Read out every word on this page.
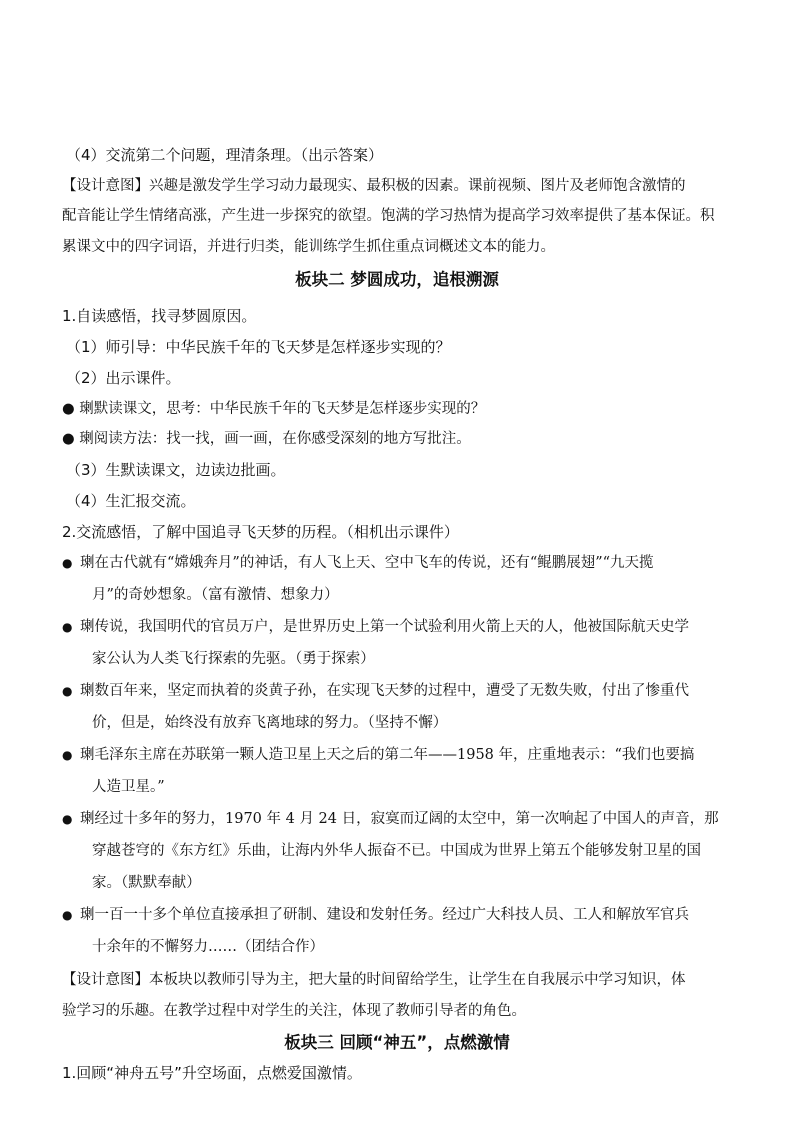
（4）交流第二个问题，理清条理。（出示答案）
【设计意图】兴趣是激发学生学习动力最现实、最积极的因素。课前视频、图片及老师饱含激情的
配音能让学生情绪高涨，产生进一步探究的欲望。饱满的学习热情为提高学习效率提供了基本保证。积
累课文中的四字词语，并进行归类，能训练学生抓住重点词概述文本的能力。
板块二 梦圆成功，追根溯源
1.自读感悟，找寻梦圆原因。
（1）师引导：中华民族千年的飞天梦是怎样逐步实现的？
（2）出示课件。
● 㻝默读课文，思考：中华民族千年的飞天梦是怎样逐步实现的？
● 㻝阅读方法：找一找，画一画，在你感受深刻的地方写批注。
（3）生默读课文，边读边批画。
（4）生汇报交流。
2.交流感悟，了解中国追寻飞天梦的历程。（相机出示课件）
● 㻝在古代就有“嫦娥奔月”的神话，有人飞上天、空中飞车的传说，还有“鲲鹏展翅”“九天揽
月”的奇妙想象。（富有激情、想象力）
● 㻝传说，我国明代的官员万户，是世界历史上第一个试验利用火箭上天的人，他被国际航天史学
家公认为人类飞行探索的先驱。（勇于探索）
● 㻝数百年来，坚定而执着的炎黄子孙，在实现飞天梦的过程中，遭受了无数失败，付出了惨重代
价，但是，始终没有放弃飞离地球的努力。（坚持不懈）
● 㻝毛泽东主席在苏联第一颗人造卫星上天之后的第二年——1958 年，庄重地表示：“我们也要搞
人造卫星。”
● 㻝经过十多年的努力，1970 年 4 月 24 日，寂寞而辽阔的太空中，第一次响起了中国人的声音，那
穿越苍穹的《东方红》乐曲，让海内外华人振奋不已。中国成为世界上第五个能够发射卫星的国
家。（默默奉献）
● 㻝一百一十多个单位直接承担了研制、建设和发射任务。经过广大科技人员、工人和解放军官兵
十余年的不懈努力……（团结合作）
【设计意图】本板块以教师引导为主，把大量的时间留给学生，让学生在自我展示中学习知识，体
验学习的乐趣。在教学过程中对学生的关注，体现了教师引导者的角色。
板块三 回顾“神五”，点燃激情
1.回顾“神舟五号”升空场面，点燃爱国激情。
